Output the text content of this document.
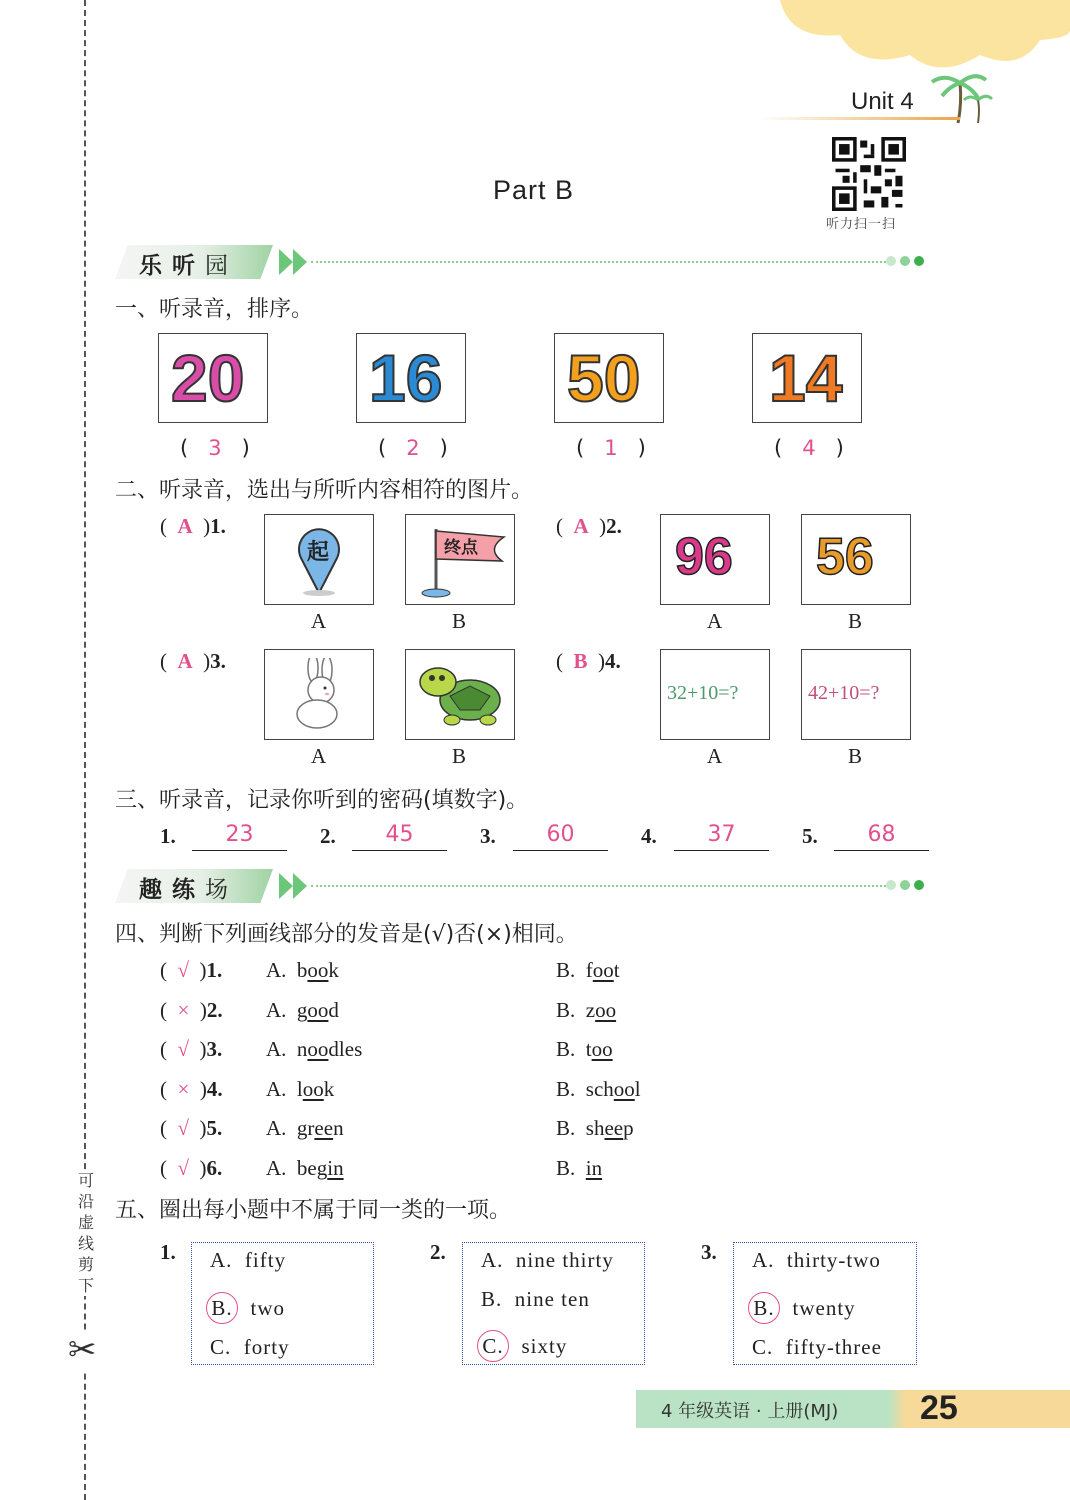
可
沿
虚
线
剪
下
✂
Unit 4
听力扫一扫
Part B
乐听园
一、听录音，排序。
20 16 50 14
(   3   )	(   2   )	(   1   )	(   4   )
二、听录音，选出与所听内容相符的图片。
(  A  )1.
起	终点
A	B
(  A  )2.
96 56
A	B
(  A  )3.
A	B
(  B  )4.
32+10=?	42+10=?
A	B
三、听录音，记录你听到的密码(填数字)。
1.	23	2.	45	3.	60	4.	37	5.	68
趣练场
四、判断下列画线部分的发音是(√)否(×)相同。
(  √  )1. A. book	B. foot
(  ×  )2. A. good	B. zoo
(  √  )3. A. noodles	B. too
(  ×  )4. A. look	B. school
(  √  )5. A. green	B. sheep
(  √  )6. A. begin	B. in
五、圈出每小题中不属于同一类的一项。
1. A. fifty
B. two
C. forty
2. A. nine thirty
B. nine ten
C. sixty
3. A. thirty-two
B. twenty
C. fifty-three
4 年级英语 · 上册(MJ) 25
